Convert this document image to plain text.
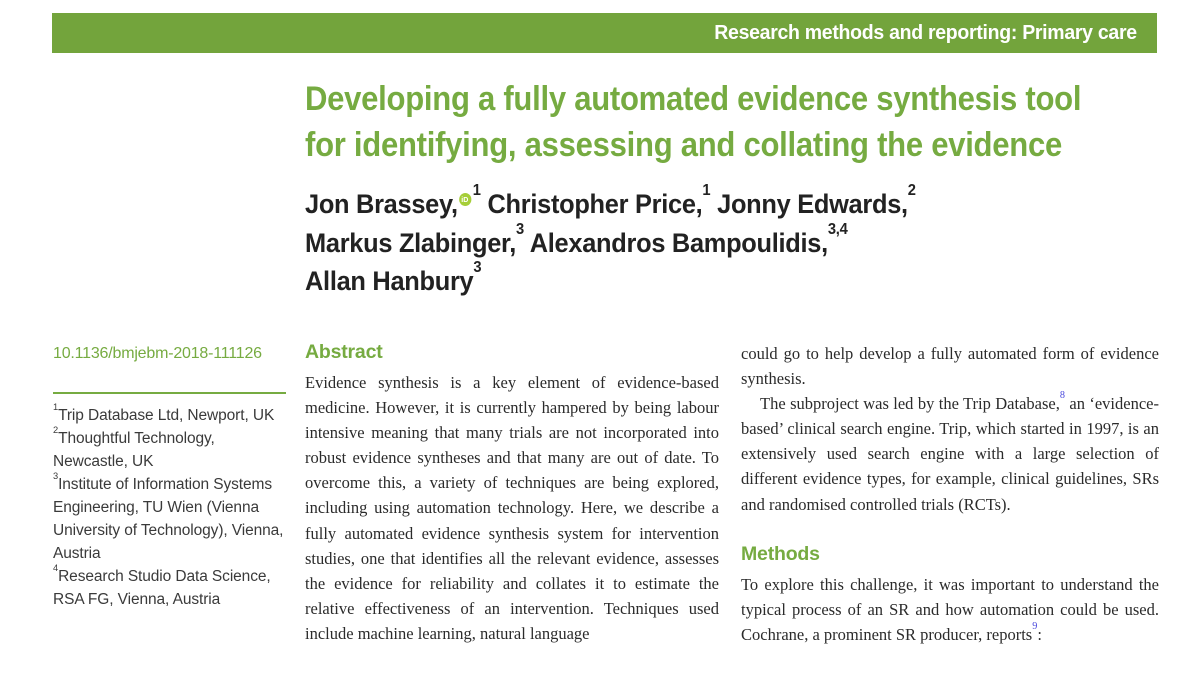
Research methods and reporting: Primary care
Developing a fully automated evidence synthesis tool
for identifying, assessing and collating the evidence
Jon Brassey, $iD^1$ Christopher Price,$^1$ Jonny Edwards,$^2$
Markus Zlabinger,$^3$ Alexandros Bampoulidis,$^{3,4}$
Allan Hanbury$^3$
10.1136/bmjebm-2018-111126
$^1$Trip Database Ltd, Newport, UK
$^2$Thoughtful Technology, Newcastle, UK
$^3$Institute of Information Systems Engineering, TU Wien (Vienna University of Technology), Vienna, Austria
$^4$Research Studio Data Science, RSA FG, Vienna, Austria
Abstract

Evidence synthesis is a key element of evidence-based medicine. However, it is currently hampered by being labour intensive meaning that many trials are not incorporated into robust evidence syntheses and that many are out of date. To overcome this, a variety of techniques are being explored, including using automation technology. Here, we describe a fully automated evidence synthesis system for intervention studies, one that identifies all the relevant evidence, assesses the evidence for reliability and collates it to estimate the relative effectiveness of an intervention. Techniques used include machine learning, natural language

could go to help develop a fully automated form of evidence synthesis.

The subproject was led by the Trip Database,$^8$ an ‘evidence-based’ clinical search engine. Trip, which started in 1997, is an extensively used search engine with a large selection of different evidence types, for example, clinical guidelines, SRs and randomised controlled trials (RCTs).

Methods

To explore this challenge, it was important to understand the typical process of an SR and how automation could be used. Cochrane, a prominent SR producer, reports$^9$:
